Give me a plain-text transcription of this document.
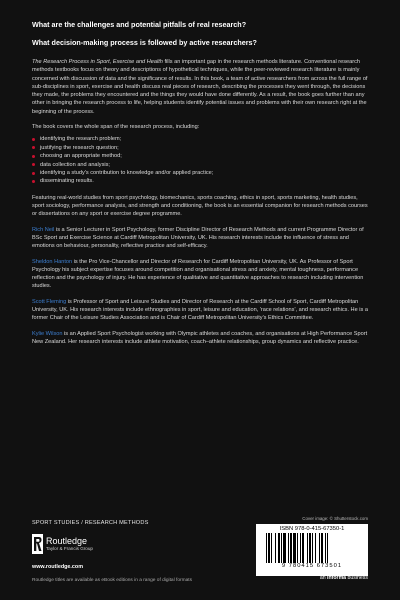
What are the challenges and potential pitfalls of real research?

What decision-making process is followed by active researchers?

The Research Process in Sport, Exercise and Health fills an important gap in the research methods literature. Conventional research methods textbooks focus on theory and descriptions of hypothetical techniques, while the peer-reviewed research literature is mainly concerned with discussion of data and the significance of results. In this book, a team of active researchers from across the full range of sub-disciplines in sport, exercise and health discuss real pieces of research, describing the processes they went through, the decisions they made, the problems they encountered and the things they would have done differently. As a result, the book goes further than any other in bringing the research process to life, helping students identify potential issues and problems with their own research right at the beginning of the process.

The book covers the whole span of the research process, including:

identifying the research problem;
justifying the research question;
choosing an appropriate method;
data collection and analysis;
identifying a study's contribution to knowledge and/or applied practice;
disseminating results.

Featuring real-world studies from sport psychology, biomechanics, sports coaching, ethics in sport, sports marketing, health studies, sport sociology, performance analysis, and strength and conditioning, the book is an essential companion for research methods courses or dissertations on any sport or exercise degree programme.

Rich Neil is a Senior Lecturer in Sport Psychology, former Discipline Director of Research Methods and current Programme Director of BSc Sport and Exercise Science at Cardiff Metropolitan University, UK. His research interests include the influence of stress and emotions on behaviour, personality, reflective practice and self-efficacy.

Sheldon Hanton is the Pro Vice-Chancellor and Director of Research for Cardiff Metropolitan University, UK. As Professor of Sport Psychology his subject expertise focuses around competition and organisational stress and anxiety, mental toughness, performance reflection and the psychology of injury. He has experience of qualitative and quantitative approaches to research including intervention studies.

Scott Fleming is Professor of Sport and Leisure Studies and Director of Research at the Cardiff School of Sport, Cardiff Metropolitan University, UK. His research interests include ethnographies in sport, leisure and education, 'race relations', and research ethics. He is a former Chair of the Leisure Studies Association and is Chair of Cardiff Metropolitan University's Ethics Committee.

Kylie Wilson is an Applied Sport Psychologist working with Olympic athletes and coaches, and organisations at High Performance Sport New Zealand. Her research interests include athlete motivation, coach–athlete relationships, group dynamics and reflective practice.

SPORT STUDIES / RESEARCH METHODS
Routledge
Taylor & Francis Group
www.routledge.com
Routledge titles are available as eBook editions in a range of digital formats
Cover image: © Shutterstock.com
ISBN 978-0-415-67350-1
9 780415 673501
an informa business
